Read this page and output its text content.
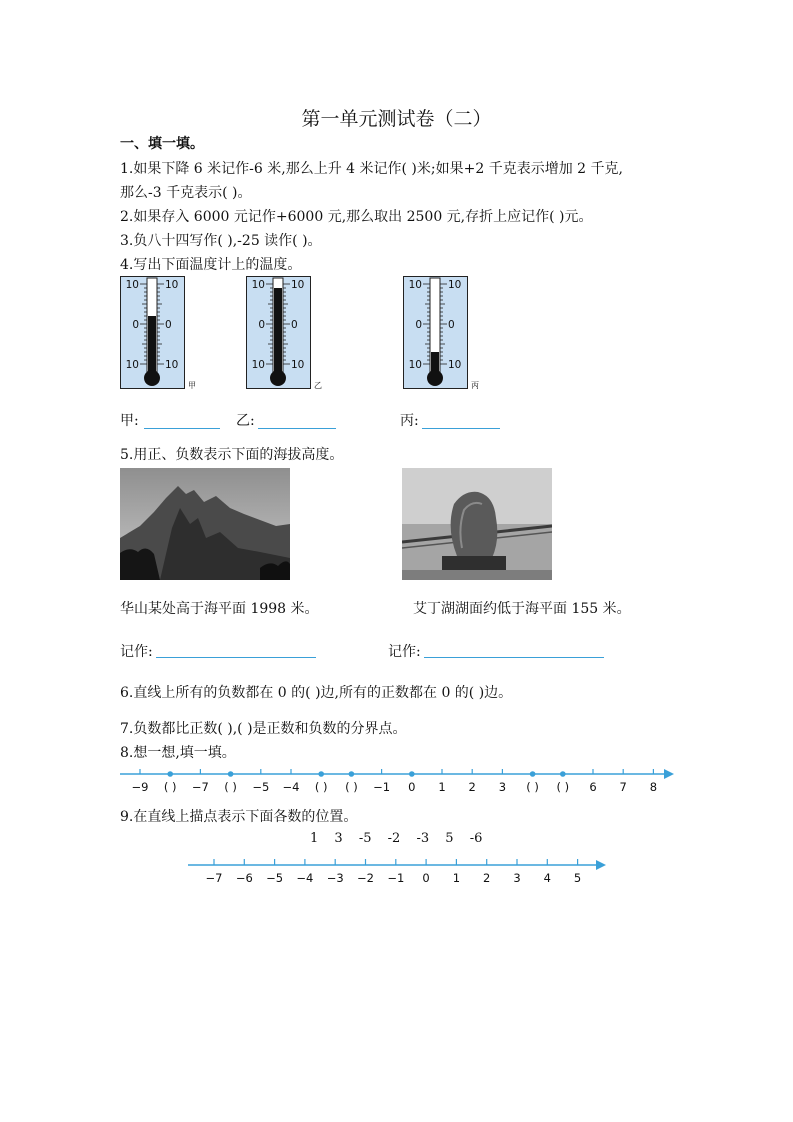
第一单元测试卷（二）
一、填一填。
1.如果下降 6 米记作-6 米,那么上升 4 米记作( )米;如果+2 千克表示增加 2 千克,
那么-3 千克表示( )。
2.如果存入 6000 元记作+6000 元,那么取出 2500 元,存折上应记作( )元。
3.负八十四写作( ),-25 读作( )。
4.写出下面温度计上的温度。
10 10
0 0
10 10
甲
10 10
0 0
10 10
乙
10 10
0 0
10 10
丙
甲:	乙:	丙:
5.用正、负数表示下面的海拔高度。
华山某处高于海平面 1998 米。	艾丁湖湖面约低于海平面 155 米。
记作:	记作:
6.直线上所有的负数都在 0 的( )边,所有的正数都在 0 的( )边。
7.负数都比正数( ),( )是正数和负数的分界点。
8.想一想,填一填。
−9 ( ) −7 ( ) −5 −4 ( ) ( ) −1 0 1 2 3 ( ) ( ) 6 7 8
9.在直线上描点表示下面各数的位置。
1 3 -5 -2 -3 5 -6
−7 −6 −5 −4 −3 −2 −1 0 1 2 3 4 5
